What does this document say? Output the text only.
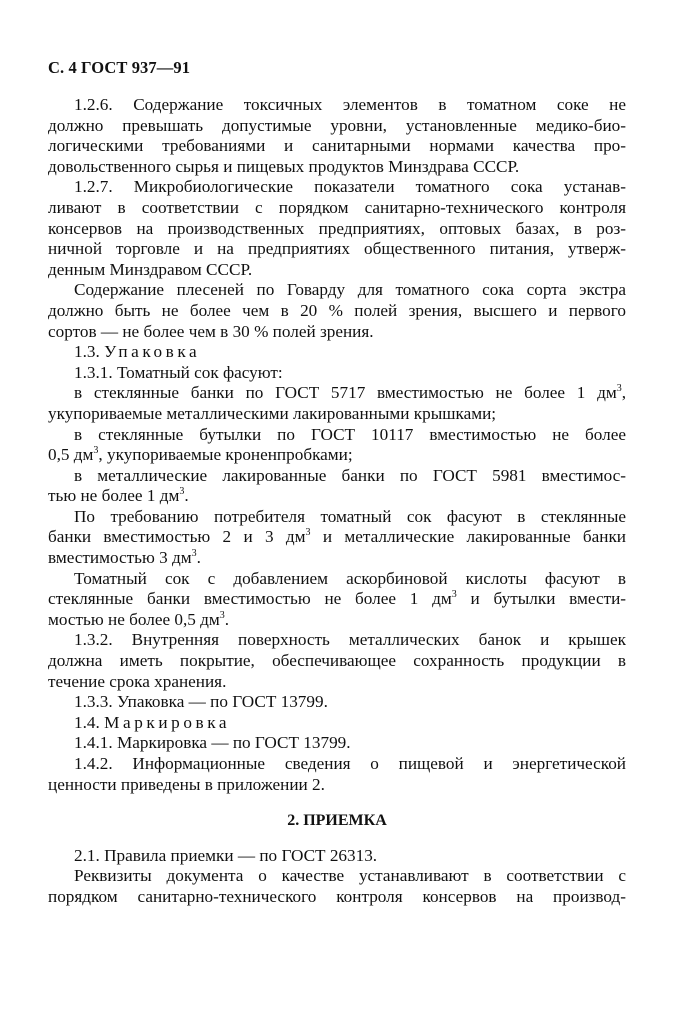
С. 4 ГОСТ 937—91
1.2.6. Содержание токсичных элементов в томатном соке не
должно превышать допустимые уровни, установленные медико-био-
логическими требованиями и санитарными нормами качества про-
довольственного сырья и пищевых продуктов Минздрава СССР.
1.2.7. Микробиологические показатели томатного сока устанав-
ливают в соответствии с порядком санитарно-технического контроля
консервов на производственных предприятиях, оптовых базах, в роз-
ничной торговле и на предприятиях общественного питания, утверж-
денным Минздравом СССР.
Содержание плесеней по Говарду для томатного сока сорта экстра
должно быть не более чем в 20 % полей зрения, высшего и первого
сортов — не более чем в 30 % полей зрения.
1.3. Упаковка
1.3.1. Томатный сок фасуют:
в стеклянные банки по ГОСТ 5717 вместимостью не более 1 $дм^3$,
укупориваемые металлическими лакированными крышками;
в стеклянные бутылки по ГОСТ 10117 вместимостью не более
0,5 $дм^3$, укупориваемые кроненпробками;
в металлические лакированные банки по ГОСТ 5981 вместимос-
тью не более 1 $дм^3$.
По требованию потребителя томатный сок фасуют в стеклянные
банки вместимостью 2 и 3 $дм^3$ и металлические лакированные банки
вместимостью 3 $дм^3$.
Томатный сок с добавлением аскорбиновой кислоты фасуют в
стеклянные банки вместимостью не более 1 $дм^3$ и бутылки вмести-
мостью не более 0,5 $дм^3$.
1.3.2. Внутренняя поверхность металлических банок и крышек
должна иметь покрытие, обеспечивающее сохранность продукции в
течение срока хранения.
1.3.3. Упаковка — по ГОСТ 13799.
1.4. Маркировка
1.4.1. Маркировка — по ГОСТ 13799.
1.4.2. Информационные сведения о пищевой и энергетической
ценности приведены в приложении 2.
2. ПРИЕМКА
2.1. Правила приемки — по ГОСТ 26313.
Реквизиты документа о качестве устанавливают в соответствии с
порядком санитарно-технического контроля консервов на производ-
